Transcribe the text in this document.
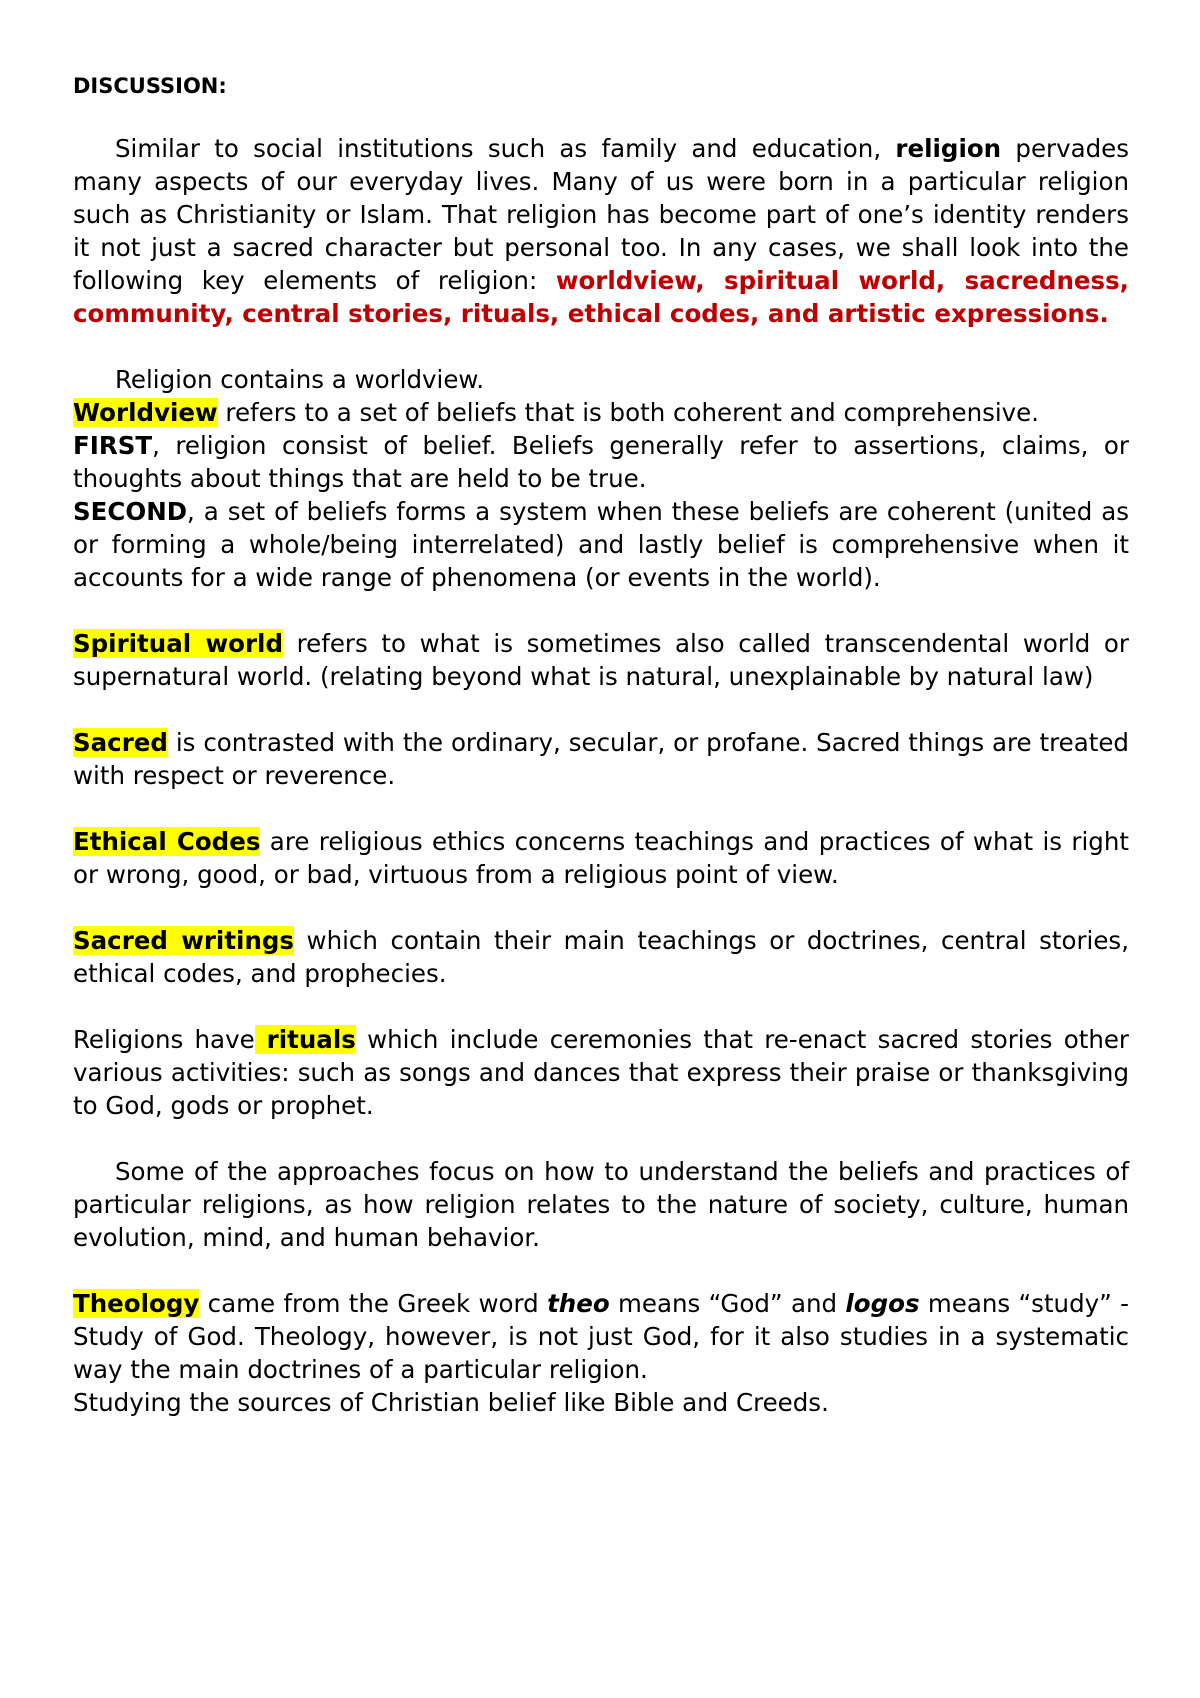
DISCUSSION:

Similar to social institutions such as family and education, religion pervades many aspects of our everyday lives. Many of us were born in a particular religion such as Christianity or Islam. That religion has become part of one’s identity renders it not just a sacred character but personal too. In any cases, we shall look into the following key elements of religion: worldview, spiritual world, sacredness, community, central stories, rituals, ethical codes, and artistic expressions.

Religion contains a worldview.

Worldview refers to a set of beliefs that is both coherent and comprehensive.

FIRST, religion consist of belief. Beliefs generally refer to assertions, claims, or thoughts about things that are held to be true.

SECOND, a set of beliefs forms a system when these beliefs are coherent (united as or forming a whole/being interrelated) and lastly belief is comprehensive when it accounts for a wide range of phenomena (or events in the world).

Spiritual world refers to what is sometimes also called transcendental world or supernatural world. (relating beyond what is natural, unexplainable by natural law)

Sacred is contrasted with the ordinary, secular, or profane. Sacred things are treated with respect or reverence.

Ethical Codes are religious ethics concerns teachings and practices of what is right or wrong, good, or bad, virtuous from a religious point of view.

Sacred writings which contain their main teachings or doctrines, central stories, ethical codes, and prophecies.

Religions have rituals which include ceremonies that re-enact sacred stories other various activities: such as songs and dances that express their praise or thanksgiving to God, gods or prophet.

Some of the approaches focus on how to understand the beliefs and practices of particular religions, as how religion relates to the nature of society, culture, human evolution, mind, and human behavior.

Theology came from the Greek word theo means “God” and logos means “study” - Study of God. Theology, however, is not just God, for it also studies in a systematic way the main doctrines of a particular religion.

Studying the sources of Christian belief like Bible and Creeds.
